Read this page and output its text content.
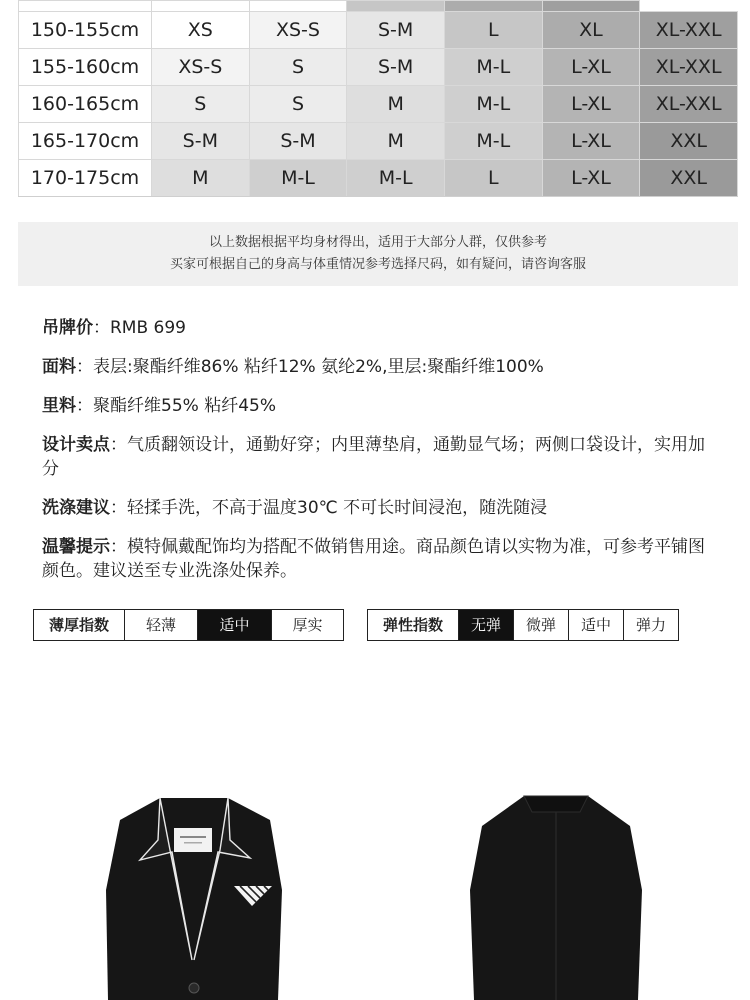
150-155cm	XS	XS-S	S-M	L	XL	XL-XXL
155-160cm	XS-S	S	S-M	M-L	L-XL	XL-XXL
160-165cm	S	S	M	M-L	L-XL	XL-XXL
165-170cm	S-M	S-M	M	M-L	L-XL	XXL
170-175cm	M	M-L	M-L	L	L-XL	XXL
以上数据根据平均身材得出，适用于大部分人群，仅供参考
买家可根据自己的身高与体重情况参考选择尺码，如有疑问，请咨询客服
吊牌价：RMB 699
面料：表层:聚酯纤维86% 粘纤12% 氨纶2%,里层:聚酯纤维100%
里料：聚酯纤维55% 粘纤45%
设计卖点：气质翻领设计，通勤好穿；内里薄垫肩，通勤显气场；两侧口袋设计，实用加分
洗涤建议：轻揉手洗，不高于温度30℃ 不可长时间浸泡，随洗随浸
温馨提示：模特佩戴配饰均为搭配不做销售用途。商品颜色请以实物为准，可参考平铺图颜色。建议送至专业洗涤处保养。
薄厚指数	轻薄	适中	厚实	弹性指数	无弹	微弹	适中	弹力
